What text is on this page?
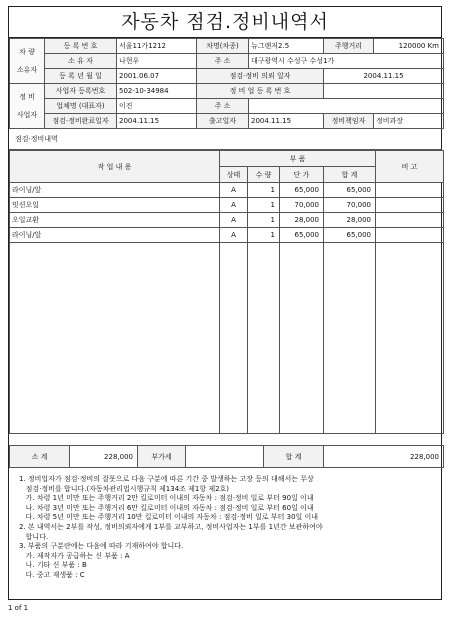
자동차 점검.정비내역서
차 량

소유자	등 록 번 호	서울11가1212	차명(차종)	뉴그랜저2.5	주행거리	120000 Km
	소 유 자	나현우	주 소	대구광역시 수성구 수성1가		
	등 록 년 월 일	2001.06.07	점검·정비 의뢰 일자		2004.11.15	
정 비

사업자	사업자 등록번호	502-10-34984	정 비 업 등 록 번 호			
	업체명 (대표자)	이진	주 소			
	점검·정비완료일자	2004.11.15	출고일자	2004.11.15	정비책임자	정비과장
점검·정비내역
작 업 내 용	부 품				비 고
	상태	수 량	단 가	합 계	
라이닝/앞	A	1	65,000	65,000	
밋션오일	A	1	70,000	70,000	
오일교환	A	1	28,000	28,000	
라이닝/앞	A	1	65,000	65,000	

소 계	228,000	부가세		합 계	228,000

1. 정비업자가 점검·정비의 잘못으로 다음 구분에 따른 기간 중 발생하는 고장 등의 대해서는 무상

점검·정비를 합니다.(자동차관리법시행규칙 제134조 제1항 제2호)

가. 차령 1년 미만 또는 주행거리 2만 킬로미터 이내의 자동차 : 점검·정비 일로 부터 90일 이내

나. 차령 3년 미만 또는 주행거리 6만 킬로미터 이내의 자동차 : 점검·정비 일로 부터 60일 이내

다. 차령 5년 미만 또는 주행거리 10만 킬로미터 이내의 자동차 : 점검·정비 일로 부터 30일 이내

2. 본 내역서는 2부를 작성, 정비의뢰자에게 1부를 교부하고, 정비사업자는 1부를 1년간 보관하여야

합니다.

3. 부품의 구분란에는 다음에 따라 기재하여야 합니다.

가. 제작자가 공급하는 신 부품 : A

나. 기타 신 부품 : B

다. 중고 재생품 : C

1 of 1
